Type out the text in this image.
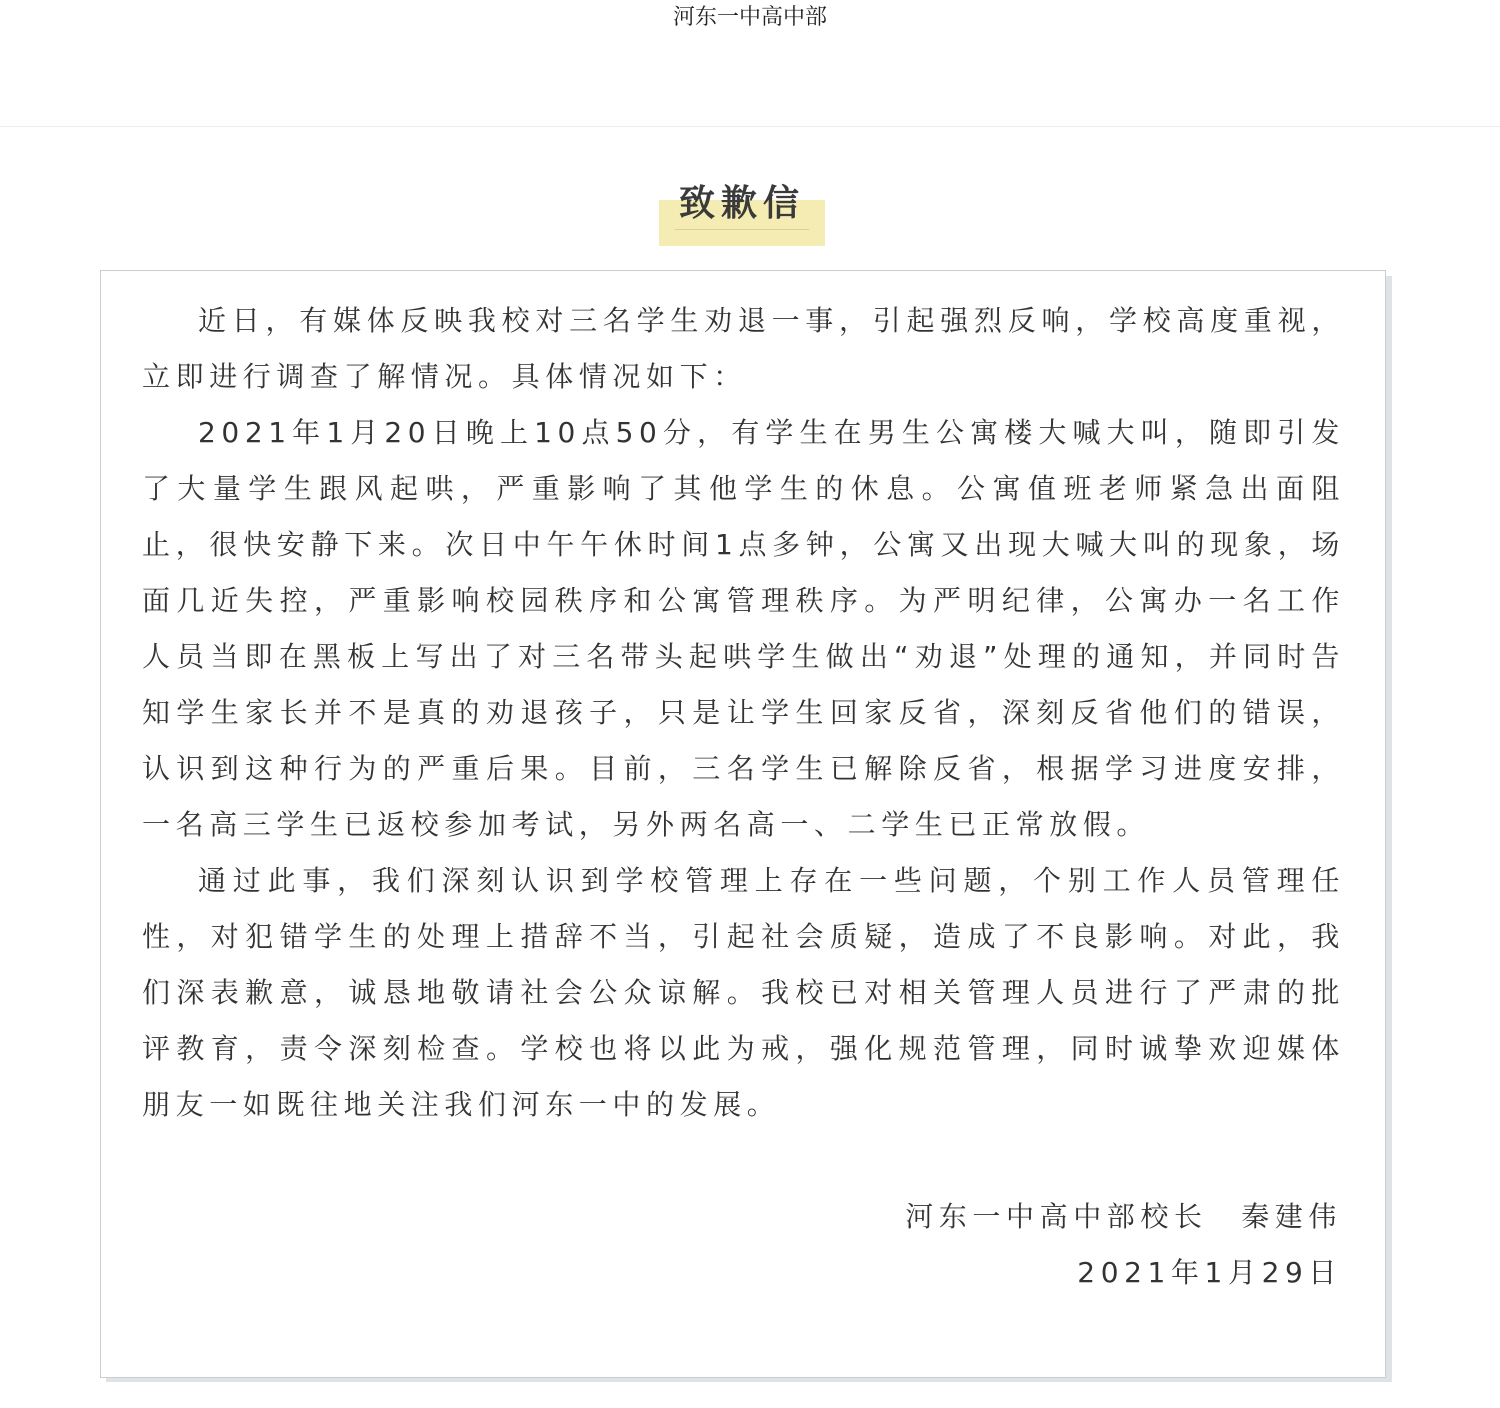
河东一中高中部
致歉信

近日，有媒体反映我校对三名学生劝退一事，引起强烈反响，学校高度重视，立即进行调查了解情况。具体情况如下：

2021年1月20日晚上10点50分，有学生在男生公寓楼大喊大叫，随即引发了大量学生跟风起哄，严重影响了其他学生的休息。公寓值班老师紧急出面阻止，很快安静下来。次日中午午休时间1点多钟，公寓又出现大喊大叫的现象，场面几近失控，严重影响校园秩序和公寓管理秩序。为严明纪律，公寓办一名工作人员当即在黑板上写出了对三名带头起哄学生做出“劝退”处理的通知，并同时告知学生家长并不是真的劝退孩子，只是让学生回家反省，深刻反省他们的错误，认识到这种行为的严重后果。目前，三名学生已解除反省，根据学习进度安排，一名高三学生已返校参加考试，另外两名高一、二学生已正常放假。

通过此事，我们深刻认识到学校管理上存在一些问题，个别工作人员管理任性，对犯错学生的处理上措辞不当，引起社会质疑，造成了不良影响。对此，我们深表歉意，诚恳地敬请社会公众谅解。我校已对相关管理人员进行了严肃的批评教育，责令深刻检查。学校也将以此为戒，强化规范管理，同时诚挚欢迎媒体朋友一如既往地关注我们河东一中的发展。

河东一中高中部校长　秦建伟
2021年1月29日
